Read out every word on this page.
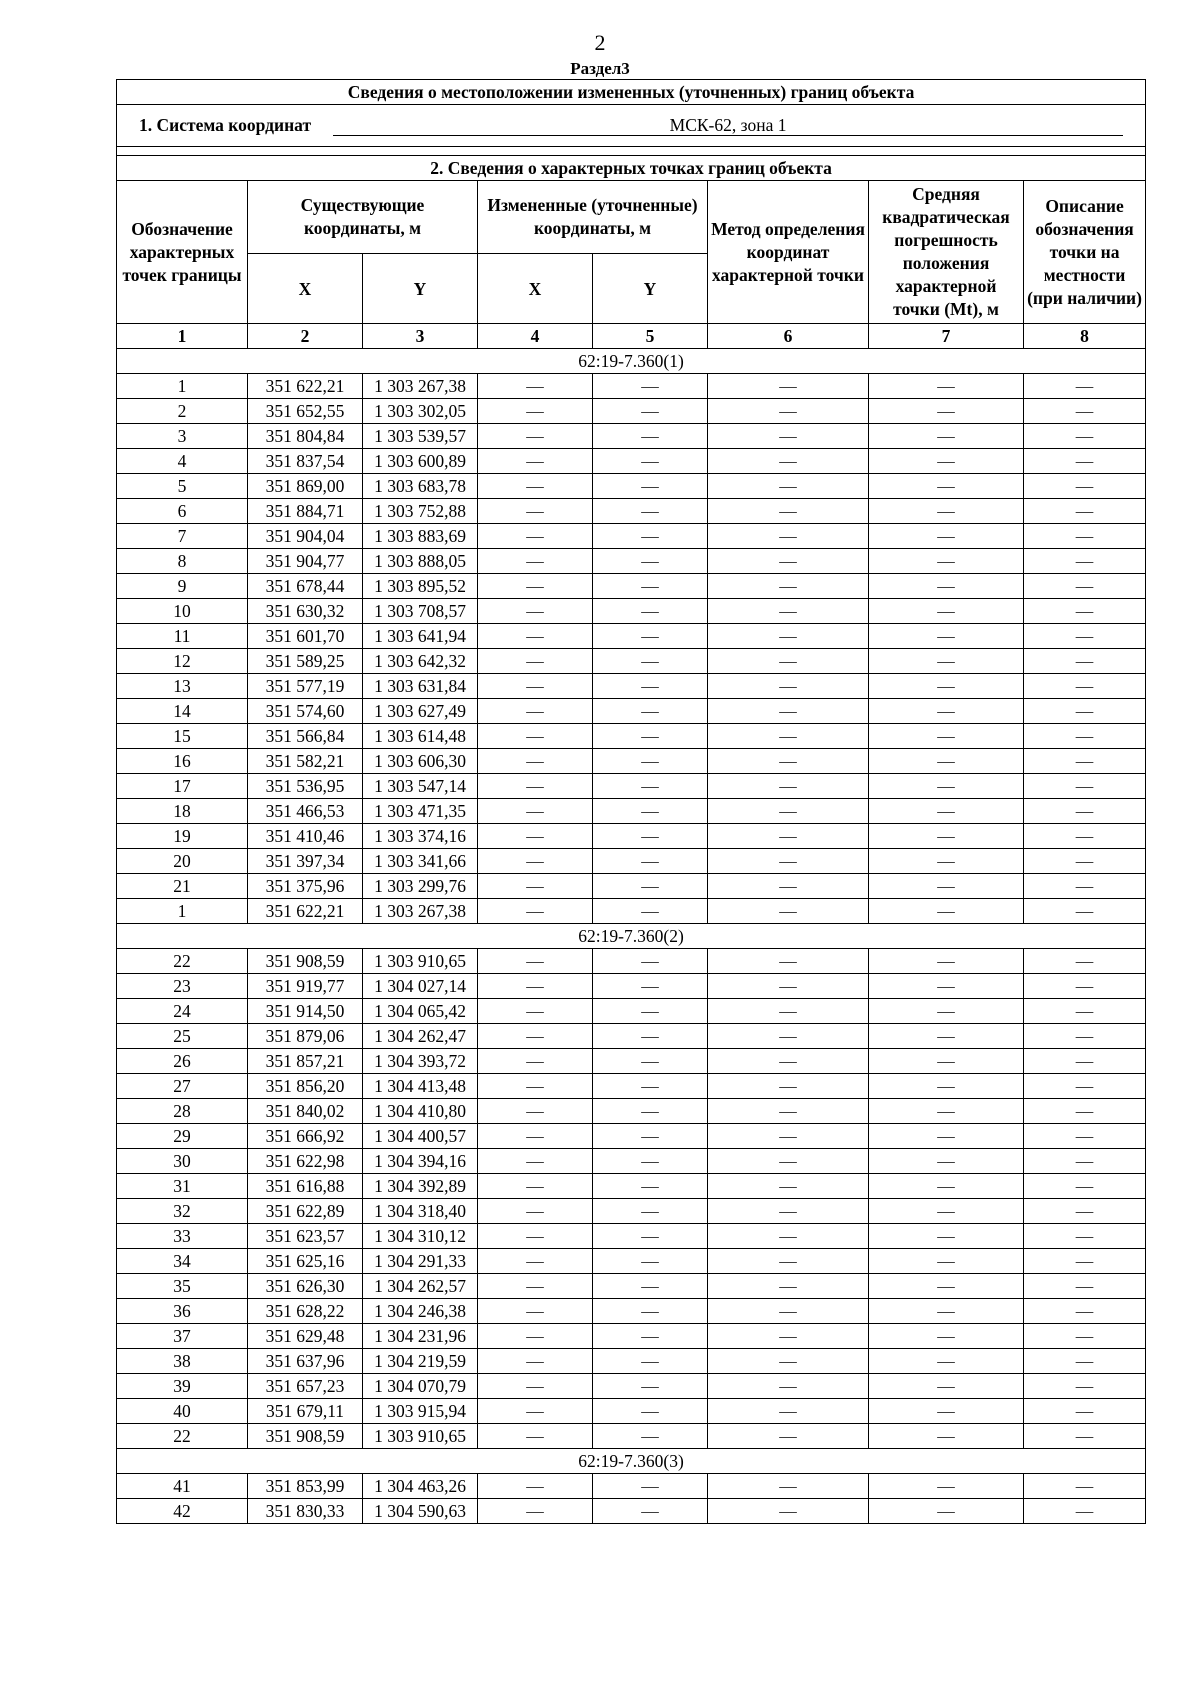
2
Раздел3
Сведения о местоположении измененных (уточненных) границ объекта							
1. Система координат МСК-62, зона 1							

2. Сведения о характерных точках границ объекта							
Обозначение характерных точек границы	Существующие координаты, м		Измененные (уточненные) координаты, м		Метод определения координат характерной точки	Средняя квадратическая погрешность положения характерной точки (Mt), м	Описание обозначения точки на местности (при наличии)
	X	Y	X	Y			
1	2	3	4	5	6	7	8
62:19-7.360(1)							
1	351 622,21	1 303 267,38	—	—	—	—	—
2	351 652,55	1 303 302,05	—	—	—	—	—
3	351 804,84	1 303 539,57	—	—	—	—	—
4	351 837,54	1 303 600,89	—	—	—	—	—
5	351 869,00	1 303 683,78	—	—	—	—	—
6	351 884,71	1 303 752,88	—	—	—	—	—
7	351 904,04	1 303 883,69	—	—	—	—	—
8	351 904,77	1 303 888,05	—	—	—	—	—
9	351 678,44	1 303 895,52	—	—	—	—	—
10	351 630,32	1 303 708,57	—	—	—	—	—
11	351 601,70	1 303 641,94	—	—	—	—	—
12	351 589,25	1 303 642,32	—	—	—	—	—
13	351 577,19	1 303 631,84	—	—	—	—	—
14	351 574,60	1 303 627,49	—	—	—	—	—
15	351 566,84	1 303 614,48	—	—	—	—	—
16	351 582,21	1 303 606,30	—	—	—	—	—
17	351 536,95	1 303 547,14	—	—	—	—	—
18	351 466,53	1 303 471,35	—	—	—	—	—
19	351 410,46	1 303 374,16	—	—	—	—	—
20	351 397,34	1 303 341,66	—	—	—	—	—
21	351 375,96	1 303 299,76	—	—	—	—	—
1	351 622,21	1 303 267,38	—	—	—	—	—
62:19-7.360(2)							
22	351 908,59	1 303 910,65	—	—	—	—	—
23	351 919,77	1 304 027,14	—	—	—	—	—
24	351 914,50	1 304 065,42	—	—	—	—	—
25	351 879,06	1 304 262,47	—	—	—	—	—
26	351 857,21	1 304 393,72	—	—	—	—	—
27	351 856,20	1 304 413,48	—	—	—	—	—
28	351 840,02	1 304 410,80	—	—	—	—	—
29	351 666,92	1 304 400,57	—	—	—	—	—
30	351 622,98	1 304 394,16	—	—	—	—	—
31	351 616,88	1 304 392,89	—	—	—	—	—
32	351 622,89	1 304 318,40	—	—	—	—	—
33	351 623,57	1 304 310,12	—	—	—	—	—
34	351 625,16	1 304 291,33	—	—	—	—	—
35	351 626,30	1 304 262,57	—	—	—	—	—
36	351 628,22	1 304 246,38	—	—	—	—	—
37	351 629,48	1 304 231,96	—	—	—	—	—
38	351 637,96	1 304 219,59	—	—	—	—	—
39	351 657,23	1 304 070,79	—	—	—	—	—
40	351 679,11	1 303 915,94	—	—	—	—	—
22	351 908,59	1 303 910,65	—	—	—	—	—
62:19-7.360(3)							
41	351 853,99	1 304 463,26	—	—	—	—	—
42	351 830,33	1 304 590,63	—	—	—	—	—
